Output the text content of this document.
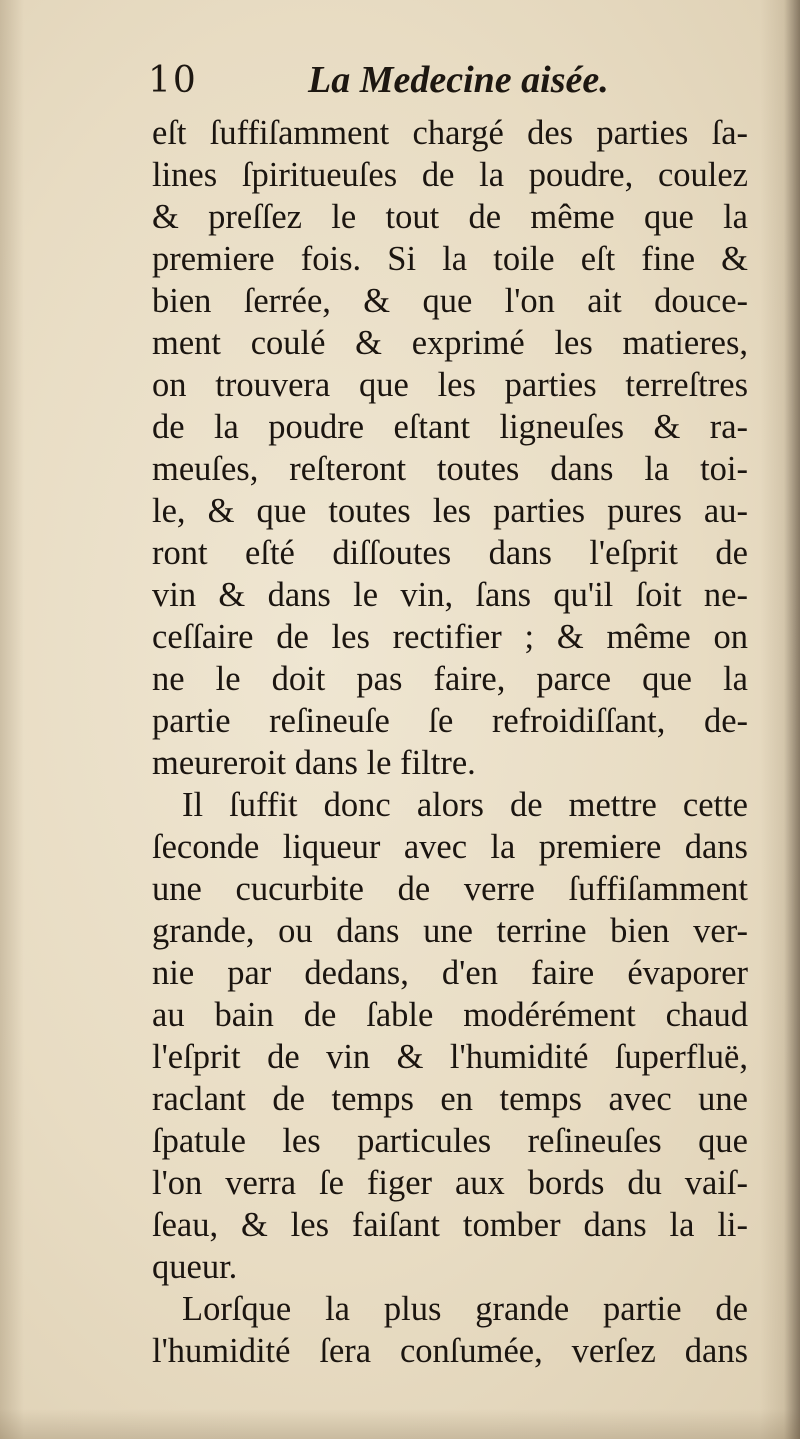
10	La Medecine aisée.
eſt ſuffiſamment chargé des parties ſa-
lines ſpiritueuſes de la poudre, coulez
& preſſez le tout de même que la
premiere fois. Si la toile eſt fine &
bien ſerrée, & que l'on ait douce-
ment coulé & exprimé les matieres,
on trouvera que les parties terreſtres
de la poudre eſtant ligneuſes & ra-
meuſes, reſteront toutes dans la toi-
le, & que toutes les parties pures au-
ront eſté diſſoutes dans l'eſprit de
vin & dans le vin, ſans qu'il ſoit ne-
ceſſaire de les rectifier ; & même on
ne le doit pas faire, parce que la
partie reſineuſe ſe refroidiſſant, de-
meureroit dans le filtre.
Il ſuffit donc alors de mettre cette
ſeconde liqueur avec la premiere dans
une cucurbite de verre ſuffiſamment
grande, ou dans une terrine bien ver-
nie par dedans, d'en faire évaporer
au bain de ſable modérément chaud
l'eſprit de vin & l'humidité ſuperfluë,
raclant de temps en temps avec une
ſpatule les particules reſineuſes que
l'on verra ſe figer aux bords du vaiſ-
ſeau, & les faiſant tomber dans la li-
queur.
Lorſque la plus grande partie de
l'humidité ſera conſumée, verſez dans
